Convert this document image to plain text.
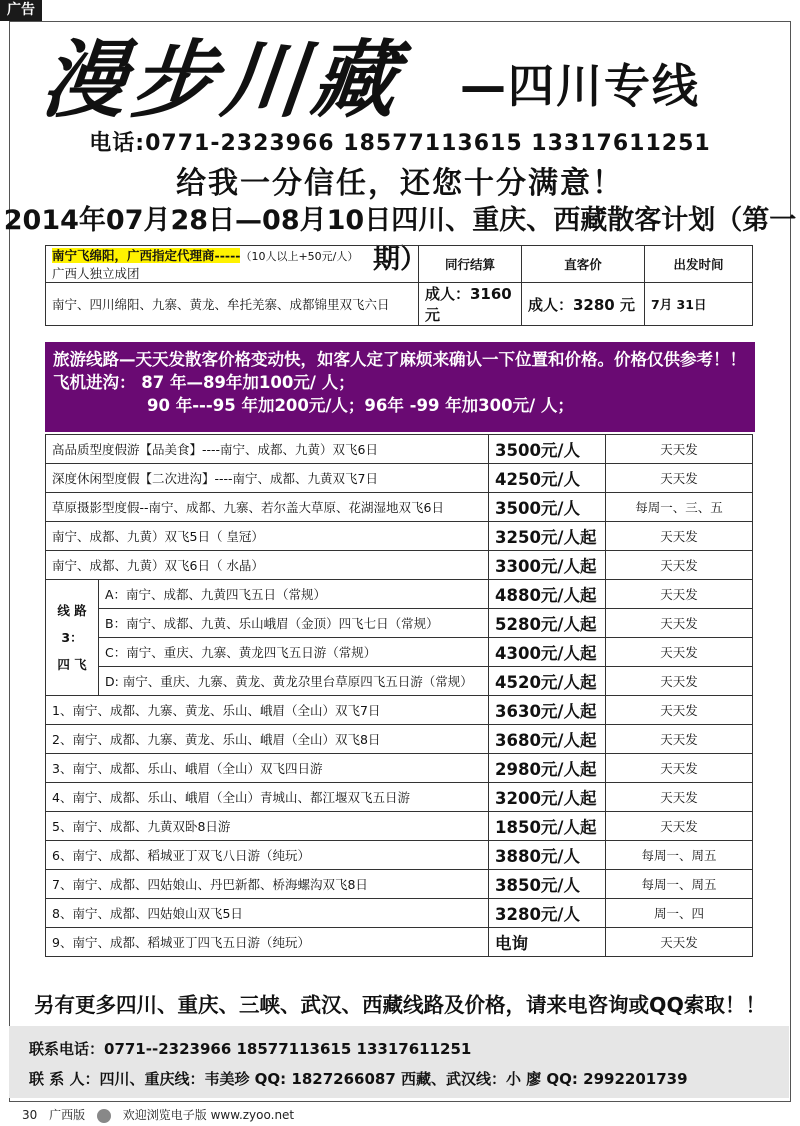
广告
漫步川藏 —四川专线
电话:0771-2323966 18577113615 13317611251
给我一分信任，还您十分满意！
2014年07月28日—08月10日四川、重庆、西藏散客计划（第一期）
南宁飞绵阳，广西指定代理商-----（10人以上+50元/人）
广西人独立成团	同行结算	直客价	出发时间
南宁、四川绵阳、九寨、黄龙、牟托羌寨、成都锦里双飞六日	成人：3160元	成人：3280 元	7月 31日
旅游线路—天天发散客价格变动快，如客人定了麻烦来确认一下位置和价格。价格仅供参考！！
飞机进沟： 87 年—89年加100元/ 人；
90 年---95 年加200元/人；96年 -99 年加300元/ 人；
高品质型度假游【品美食】----南宁、成都、九黄）双飞6日		3500元/人	天天发
深度休闲型度假【二次进沟】----南宁、成都、九黄双飞7日		4250元/人	天天发
草原摄影型度假--南宁、成都、九寨、若尔盖大草原、花湖湿地双飞6日		3500元/人	每周一、三、五
南宁、成都、九黄）双飞5日（ 皇冠）		3250元/人起	天天发
南宁、成都、九黄）双飞6日（ 水晶）		3300元/人起	天天发
线 路
3：
四 飞	A：南宁、成都、九黄四飞五日（常规）	4880元/人起	天天发
	B：南宁、成都、九黄、乐山峨眉（金顶）四飞七日（常规）	5280元/人起	天天发
	C：南宁、重庆、九寨、黄龙四飞五日游（常规）	4300元/人起	天天发
	D: 南宁、重庆、九寨、黄龙、黄龙尕里台草原四飞五日游（常规）	4520元/人起	天天发
1、南宁、成都、九寨、黄龙、乐山、峨眉（全山）双飞7日		3630元/人起	天天发
2、南宁、成都、九寨、黄龙、乐山、峨眉（全山）双飞8日		3680元/人起	天天发
3、南宁、成都、乐山、峨眉（全山）双飞四日游		2980元/人起	天天发
4、南宁、成都、乐山、峨眉（全山）青城山、都江堰双飞五日游		3200元/人起	天天发
5、南宁、成都、九黄双卧8日游		1850元/人起	天天发
6、南宁、成都、稻城亚丁双飞八日游（纯玩）		3880元/人	每周一、周五
7、南宁、成都、四姑娘山、丹巴新都、桥海螺沟双飞8日		3850元/人	每周一、周五
8、南宁、成都、四姑娘山双飞5日		3280元/人	周一、四
9、南宁、成都、稻城亚丁四飞五日游（纯玩）		电询	天天发
另有更多四川、重庆、三峡、武汉、西藏线路及价格，请来电咨询或QQ索取！！
联系电话：0771--2323966 18577113615 13317611251
联 系 人：四川、重庆线：韦美珍 QQ: 1827266087 西藏、武汉线：小 廖 QQ: 2992201739
30 广西版	欢迎浏览电子版 www.zyoo.net
